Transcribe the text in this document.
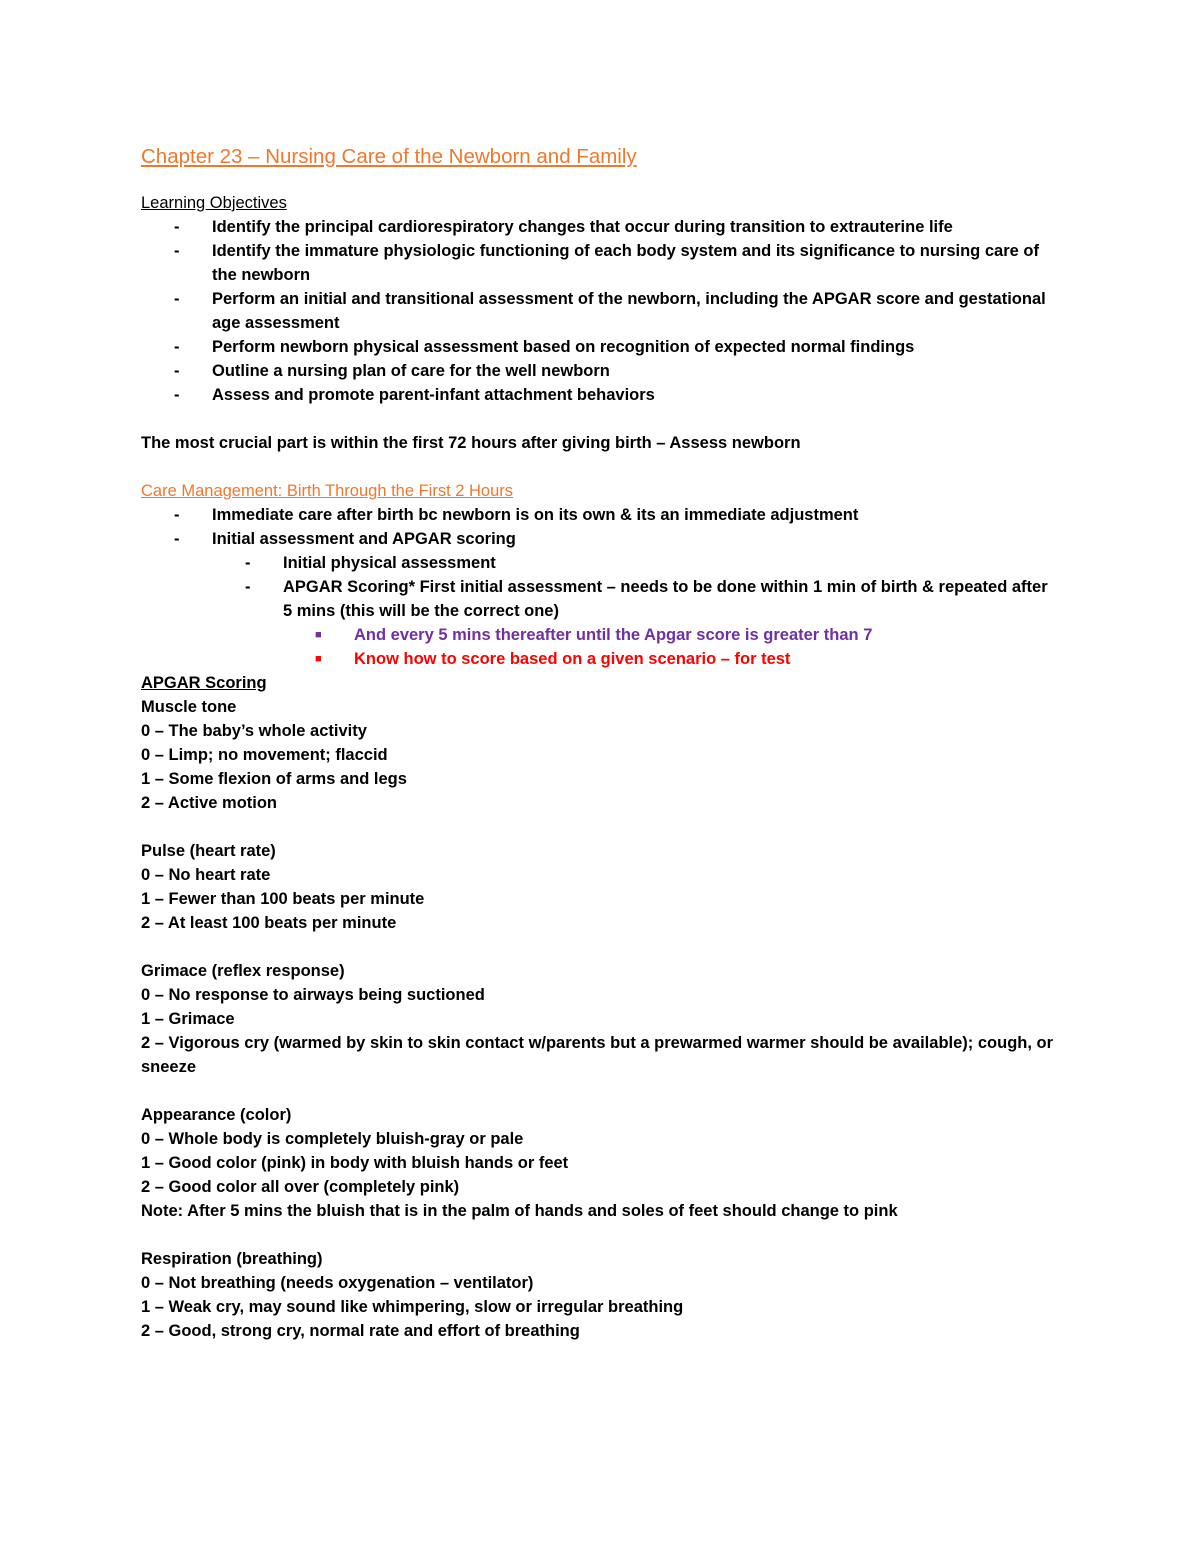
Chapter 23 – Nursing Care of the Newborn and Family
Learning Objectives
- Identify the principal cardiorespiratory changes that occur during transition to extrauterine life
- Identify the immature physiologic functioning of each body system and its significance to nursing care of the newborn
- Perform an initial and transitional assessment of the newborn, including the APGAR score and gestational age assessment
- Perform newborn physical assessment based on recognition of expected normal findings
- Outline a nursing plan of care for the well newborn
- Assess and promote parent-infant attachment behaviors
The most crucial part is within the first 72 hours after giving birth – Assess newborn
Care Management: Birth Through the First 2 Hours
- Immediate care after birth bc newborn is on its own & its an immediate adjustment
- Initial assessment and APGAR scoring
- Initial physical assessment
- APGAR Scoring* First initial assessment – needs to be done within 1 min of birth & repeated after 5 mins (this will be the correct one)
■ And every 5 mins thereafter until the Apgar score is greater than 7
■ Know how to score based on a given scenario – for test
APGAR Scoring
Muscle tone
0 – The baby’s whole activity
0 – Limp; no movement; flaccid
1 – Some flexion of arms and legs
2 – Active motion
Pulse (heart rate)
0 – No heart rate
1 – Fewer than 100 beats per minute
2 – At least 100 beats per minute
Grimace (reflex response)
0 – No response to airways being suctioned
1 – Grimace
2 – Vigorous cry (warmed by skin to skin contact w/parents but a prewarmed warmer should be available); cough, or sneeze
Appearance (color)
0 – Whole body is completely bluish-gray or pale
1 – Good color (pink) in body with bluish hands or feet
2 – Good color all over (completely pink)
Note: After 5 mins the bluish that is in the palm of hands and soles of feet should change to pink
Respiration (breathing)
0 – Not breathing (needs oxygenation – ventilator)
1 – Weak cry, may sound like whimpering, slow or irregular breathing
2 – Good, strong cry, normal rate and effort of breathing
